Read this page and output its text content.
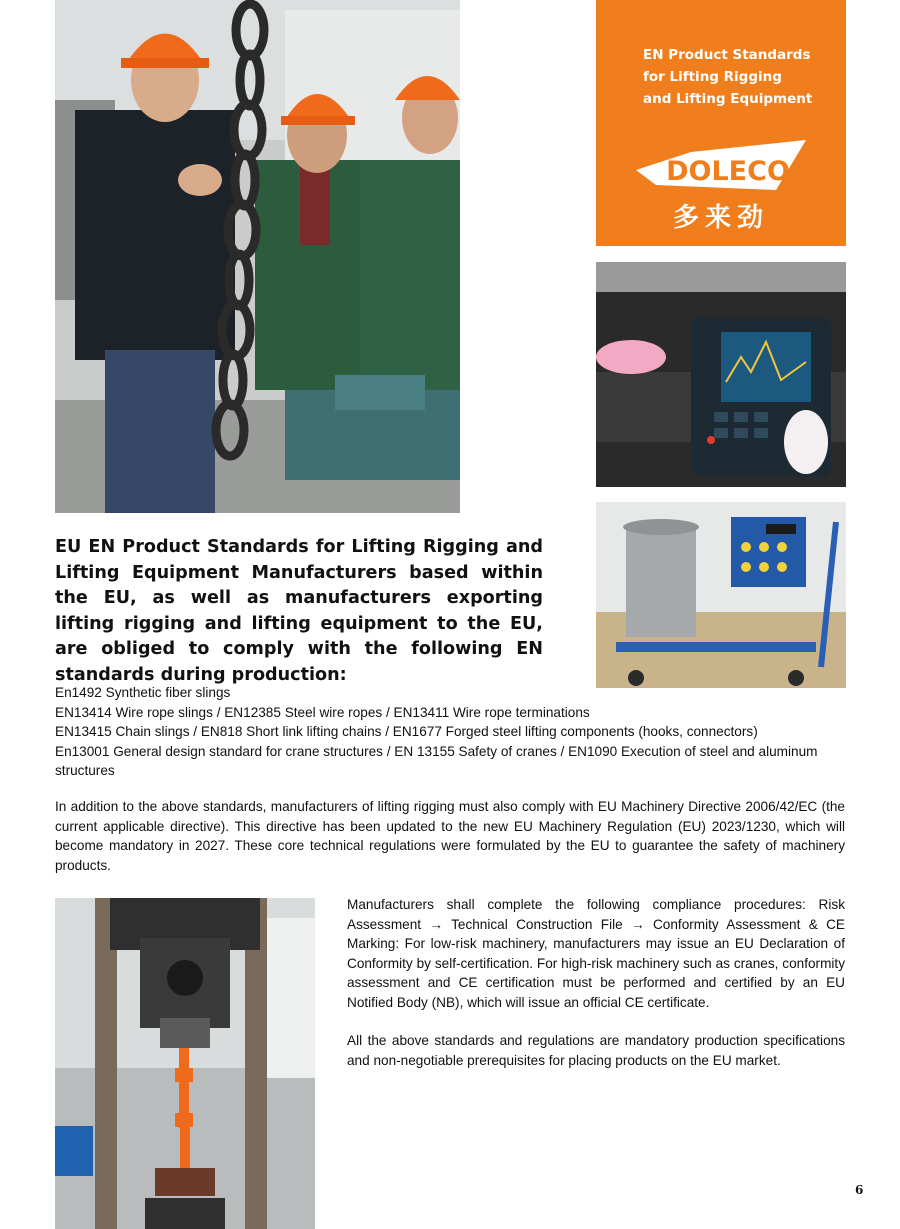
EN Product Standards
for Lifting Rigging
and Lifting Equipment
DOLECO
多来劲

EU EN Product Standards for Lifting Rigging and Lifting Equipment Manufacturers based within the EU, as well as manufacturers exporting lifting rigging and lifting equipment to the EU, are obliged to comply with the following EN standards during production:

En1492 Synthetic fiber slings
EN13414 Wire rope slings / EN12385 Steel wire ropes / EN13411 Wire rope terminations
EN13415 Chain slings / EN818 Short link lifting chains / EN1677 Forged steel lifting components (hooks, connectors)
En13001 General design standard for crane structures / EN 13155 Safety of cranes / EN1090 Execution of steel and aluminum structures

In addition to the above standards, manufacturers of lifting rigging must also comply with EU Machinery Directive 2006/42/EC (the current applicable directive). This directive has been updated to the new EU Machinery Regulation (EU) 2023/1230, which will become mandatory in 2027. These core technical regulations were formulated by the EU to guarantee the safety of machinery products.

Manufacturers shall complete the following compliance procedures: Risk Assessment → Technical Construction File → Conformity Assessment & CE Marking: For low-risk machinery, manufacturers may issue an EU Declaration of Conformity by self-certification. For high-risk machinery such as cranes, conformity assessment and CE certification must be performed and certified by an EU Notified Body (NB), which will issue an official CE certificate.

All the above standards and regulations are mandatory production specifications and non-negotiable prerequisites for placing products on the EU market.

6
